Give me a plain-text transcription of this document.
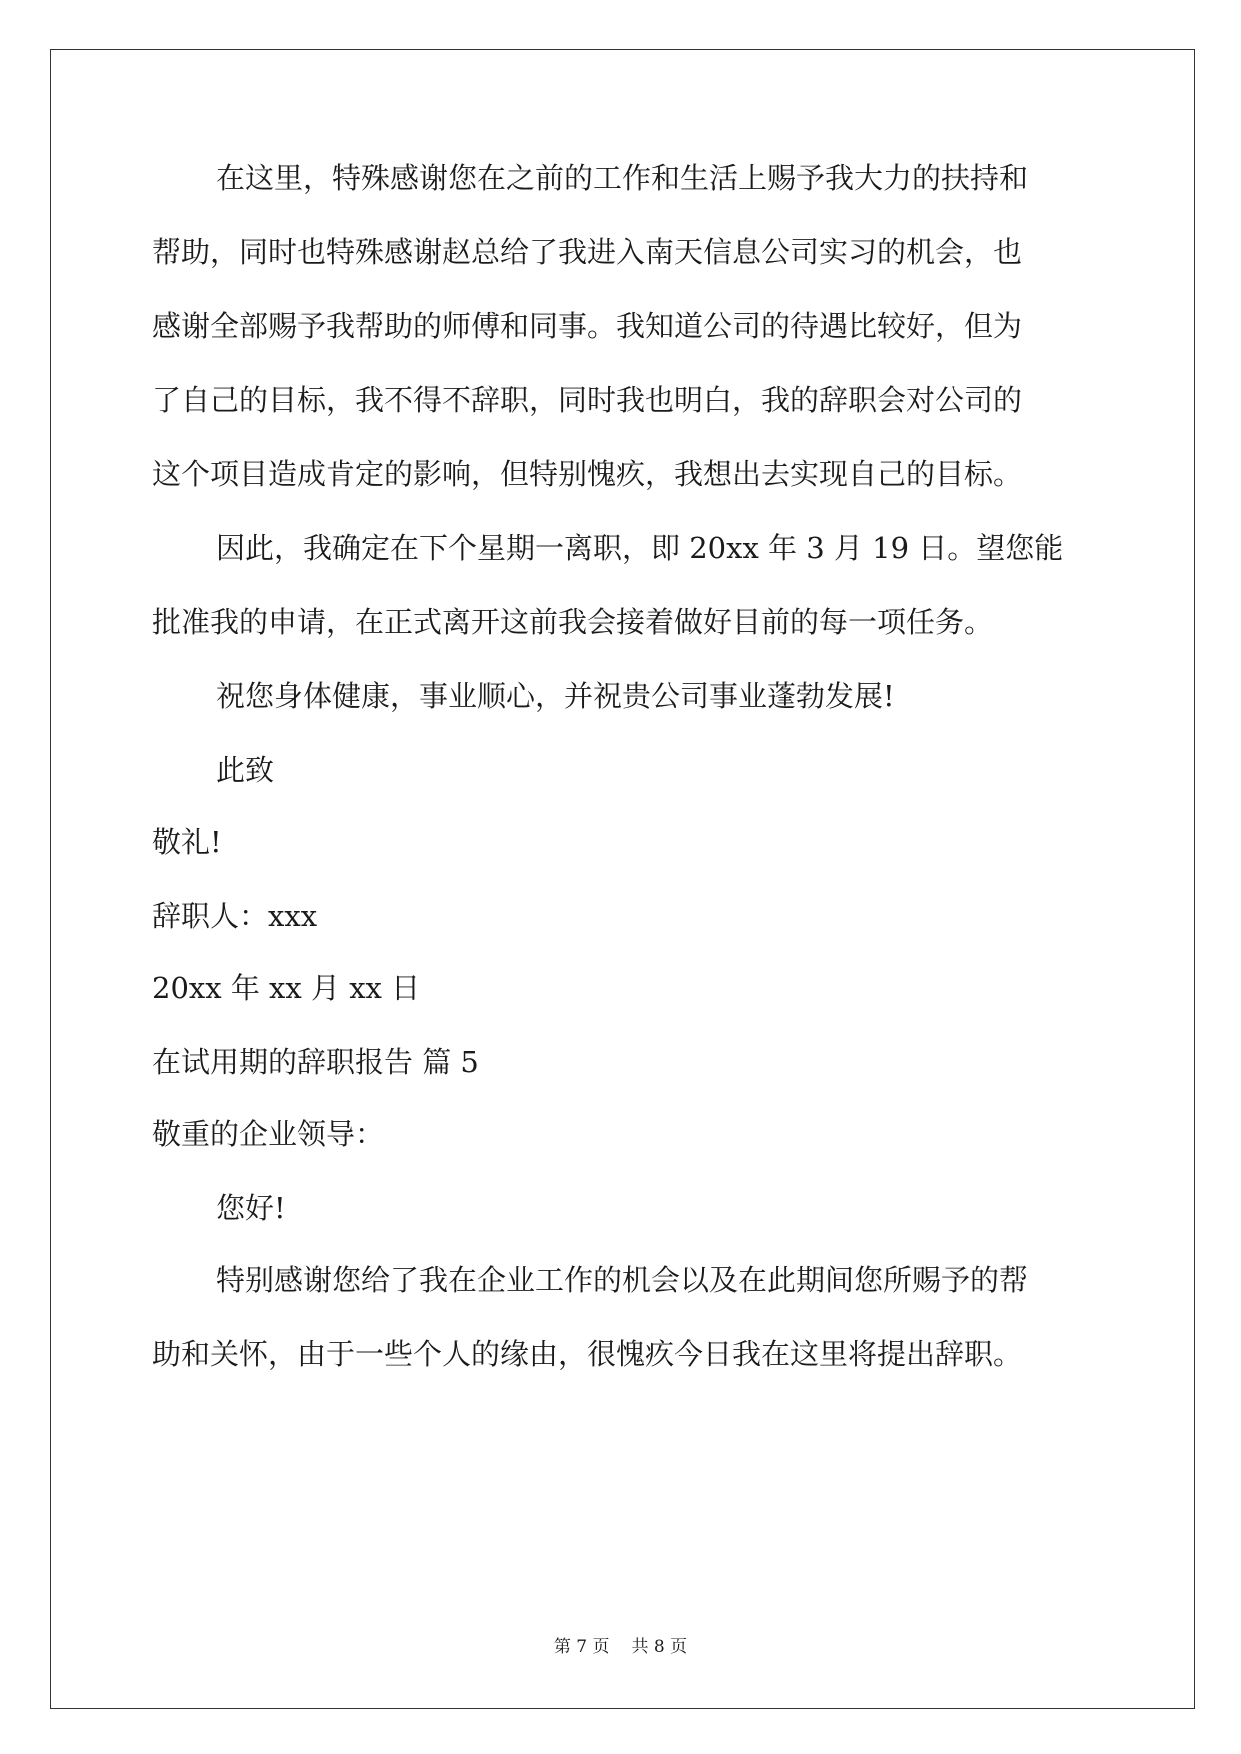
在这里，特殊感谢您在之前的工作和生活上赐予我大力的扶持和
帮助，同时也特殊感谢赵总给了我进入南天信息公司实习的机会，也
感谢全部赐予我帮助的师傅和同事。我知道公司的待遇比较好，但为
了自己的目标，我不得不辞职，同时我也明白，我的辞职会对公司的
这个项目造成肯定的影响，但特别愧疚，我想出去实现自己的目标。
因此，我确定在下个星期一离职，即 20xx 年 3 月 19 日。望您能
批准我的申请，在正式离开这前我会接着做好目前的每一项任务。
祝您身体健康，事业顺心，并祝贵公司事业蓬勃发展!
此致
敬礼!
辞职人：xxx
20xx 年 xx 月 xx 日
在试用期的辞职报告 篇 5
敬重的企业领导：
您好!
特别感谢您给了我在企业工作的机会以及在此期间您所赐予的帮
助和关怀，由于一些个人的缘由，很愧疚今日我在这里将提出辞职。
第 7 页 共 8 页
